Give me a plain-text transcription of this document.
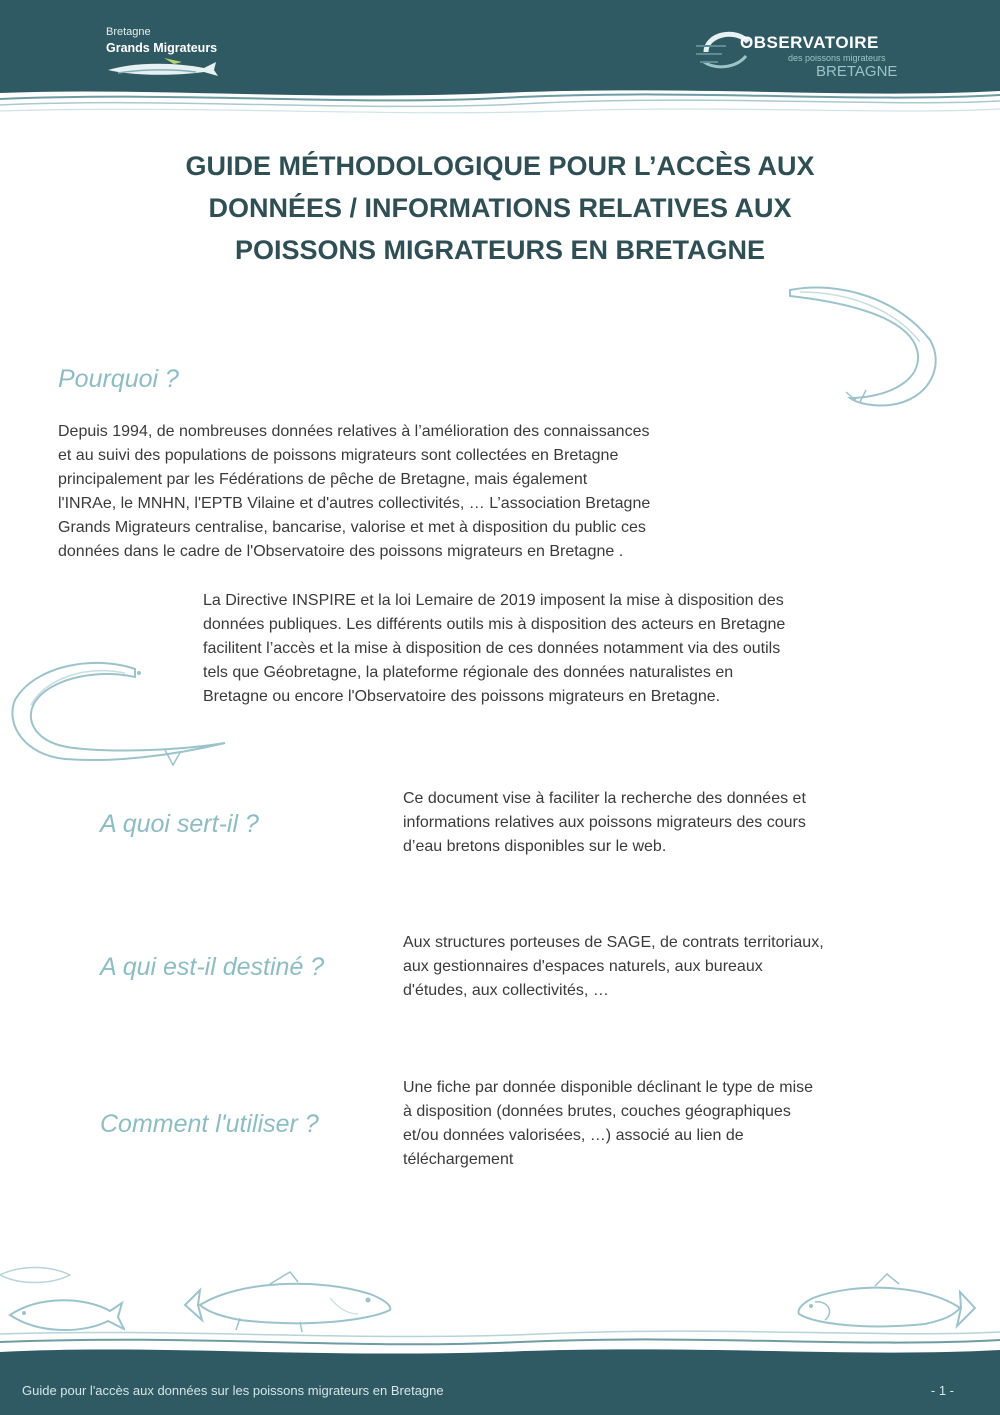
Bretagne
Grands Migrateurs	OBSERVATOIRE
des poissons migrateurs
BRETAGNE
GUIDE MÉTHODOLOGIQUE POUR L’ACCÈS AUX
DONNÉES / INFORMATIONS RELATIVES AUX
POISSONS MIGRATEURS EN BRETAGNE
Pourquoi ?
Depuis 1994, de nombreuses données relatives à l’amélioration des connaissances
et au suivi des populations de poissons migrateurs sont collectées en Bretagne
principalement par les Fédérations de pêche de Bretagne, mais également
l'INRAe, le MNHN, l'EPTB Vilaine et d'autres collectivités, … L’association Bretagne
Grands Migrateurs centralise, bancarise, valorise et met à disposition du public ces
données dans le cadre de l'Observatoire des poissons migrateurs en Bretagne .
La Directive INSPIRE et la loi Lemaire de 2019 imposent la mise à disposition des
données publiques. Les différents outils mis à disposition des acteurs en Bretagne
facilitent l’accès et la mise à disposition de ces données notamment via des outils
tels que Géobretagne, la plateforme régionale des données naturalistes en
Bretagne ou encore l'Observatoire des poissons migrateurs en Bretagne.
A quoi sert-il ?
Ce document vise à faciliter la recherche des données et
informations relatives aux poissons migrateurs des cours
d’eau bretons disponibles sur le web.
A qui est-il destiné ?
Aux structures porteuses de SAGE, de contrats territoriaux,
aux gestionnaires d'espaces naturels, aux bureaux
d'études, aux collectivités, …
Comment l'utiliser ?
Une fiche par donnée disponible déclinant le type de mise
à disposition (données brutes, couches géographiques
et/ou données valorisées, …) associé au lien de
téléchargement
Guide pour l'accès aux données sur les poissons migrateurs en Bretagne	- 1 -
